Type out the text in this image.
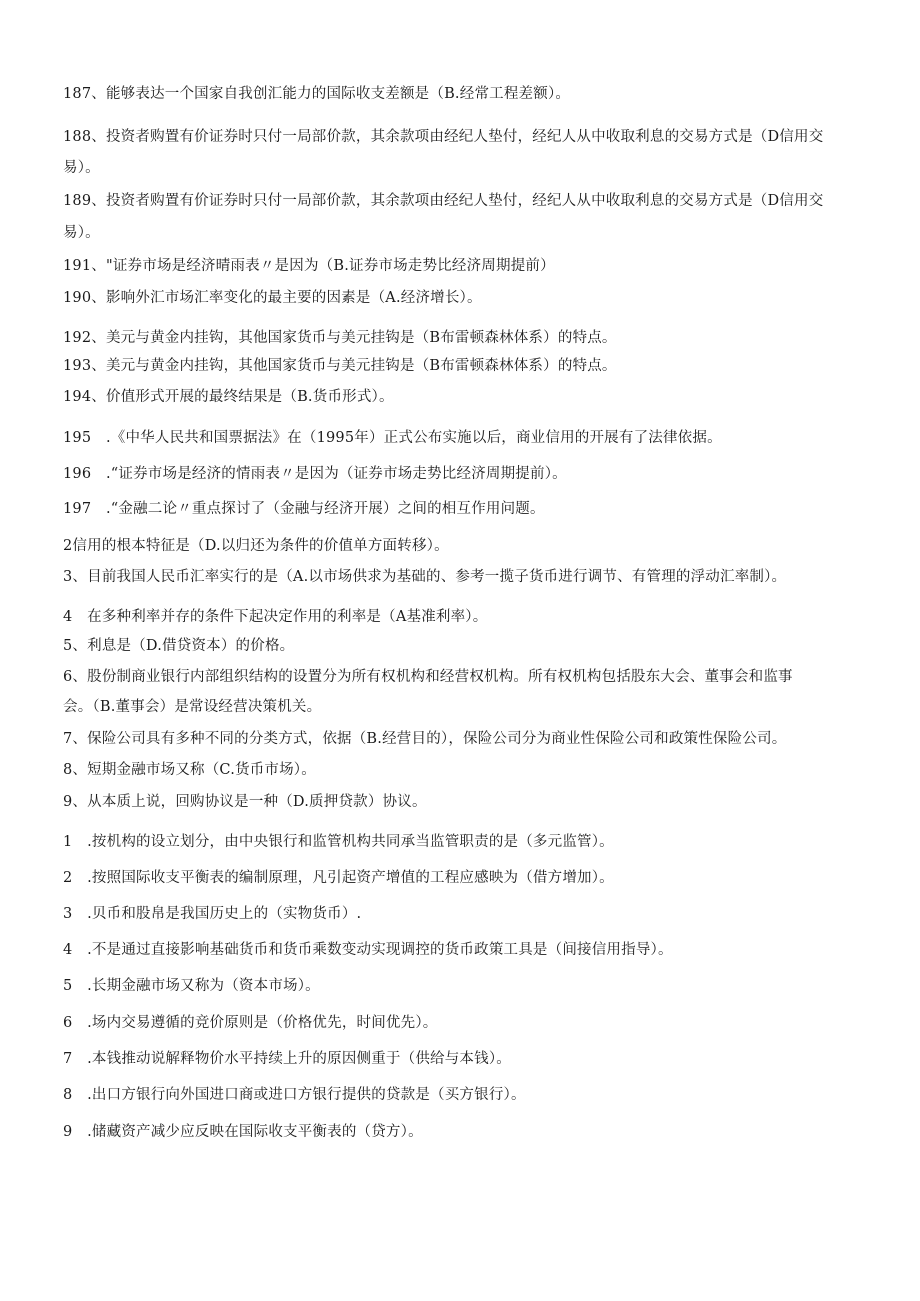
187、能够表达一个国家自我创汇能力的国际收支差额是（B.经常工程差额）。
188、投资者购置有价证券时只付一局部价款，其余款项由经纪人垫付，经纪人从中收取利息的交易方式是（D信用交
易）。
189、投资者购置有价证券时只付一局部价款，其余款项由经纪人垫付，经纪人从中收取利息的交易方式是（D信用交
易）。
191、"证券市场是经济晴雨表〃是因为（B.证券市场走势比经济周期提前）
190、影响外汇市场汇率变化的最主要的因素是（A.经济增长）。
192、美元与黄金内挂钩，其他国家货币与美元挂钩是（B布雷顿森林体系）的特点。
193、美元与黄金内挂钩，其他国家货币与美元挂钩是（B布雷顿森林体系）的特点。
194、价值形式开展的最终结果是（B.货币形式）。
195　.《中华人民共和国票据法》在（1995年）正式公布实施以后，商业信用的开展有了法律依据。
196　.“证券市场是经济的情雨表〃是因为（证券市场走势比经济周期提前）。
197　.“金融二论〃重点探讨了（金融与经济开展）之间的相互作用问题。
2信用的根本特征是（D.以归还为条件的价值单方面转移）。
3、目前我国人民币汇率实行的是（A.以市场供求为基础的、参考一揽子货币进行调节、有管理的浮动汇率制）。
4　在多种利率并存的条件下起决定作用的利率是（A基准利率）。
5、利息是（D.借贷资本）的价格。
6、股份制商业银行内部组织结构的设置分为所有权机构和经营权机构。所有权机构包括股东大会、董事会和监事
会。（B.董事会）是常设经营决策机关。
7、保险公司具有多种不同的分类方式，依据（B.经营目的），保险公司分为商业性保险公司和政策性保险公司。
8、短期金融市场又称（C.货币市场）。
9、从本质上说，回购协议是一种（D.质押贷款）协议。
1　.按机构的设立划分，由中央银行和监管机构共同承当监管职责的是（多元监管）。
2　.按照国际收支平衡表的编制原理，凡引起资产增值的工程应感映为（借方增加）。
3　.贝币和股帛是我国历史上的（实物货币）.
4　.不是通过直接影响基础货币和货币乘数变动实现调控的货币政策工具是（间接信用指导）。
5　.长期金融市场又称为（资本市场）。
6　.场内交易遵循的竞价原则是（价格优先，时间优先）。
7　.本钱推动说解释物价水平持续上升的原因侧重于（供给与本钱）。
8　.出口方银行向外国进口商或进口方银行提供的贷款是（买方银行）。
9　.储藏资产减少应反映在国际收支平衡表的（贷方）。
